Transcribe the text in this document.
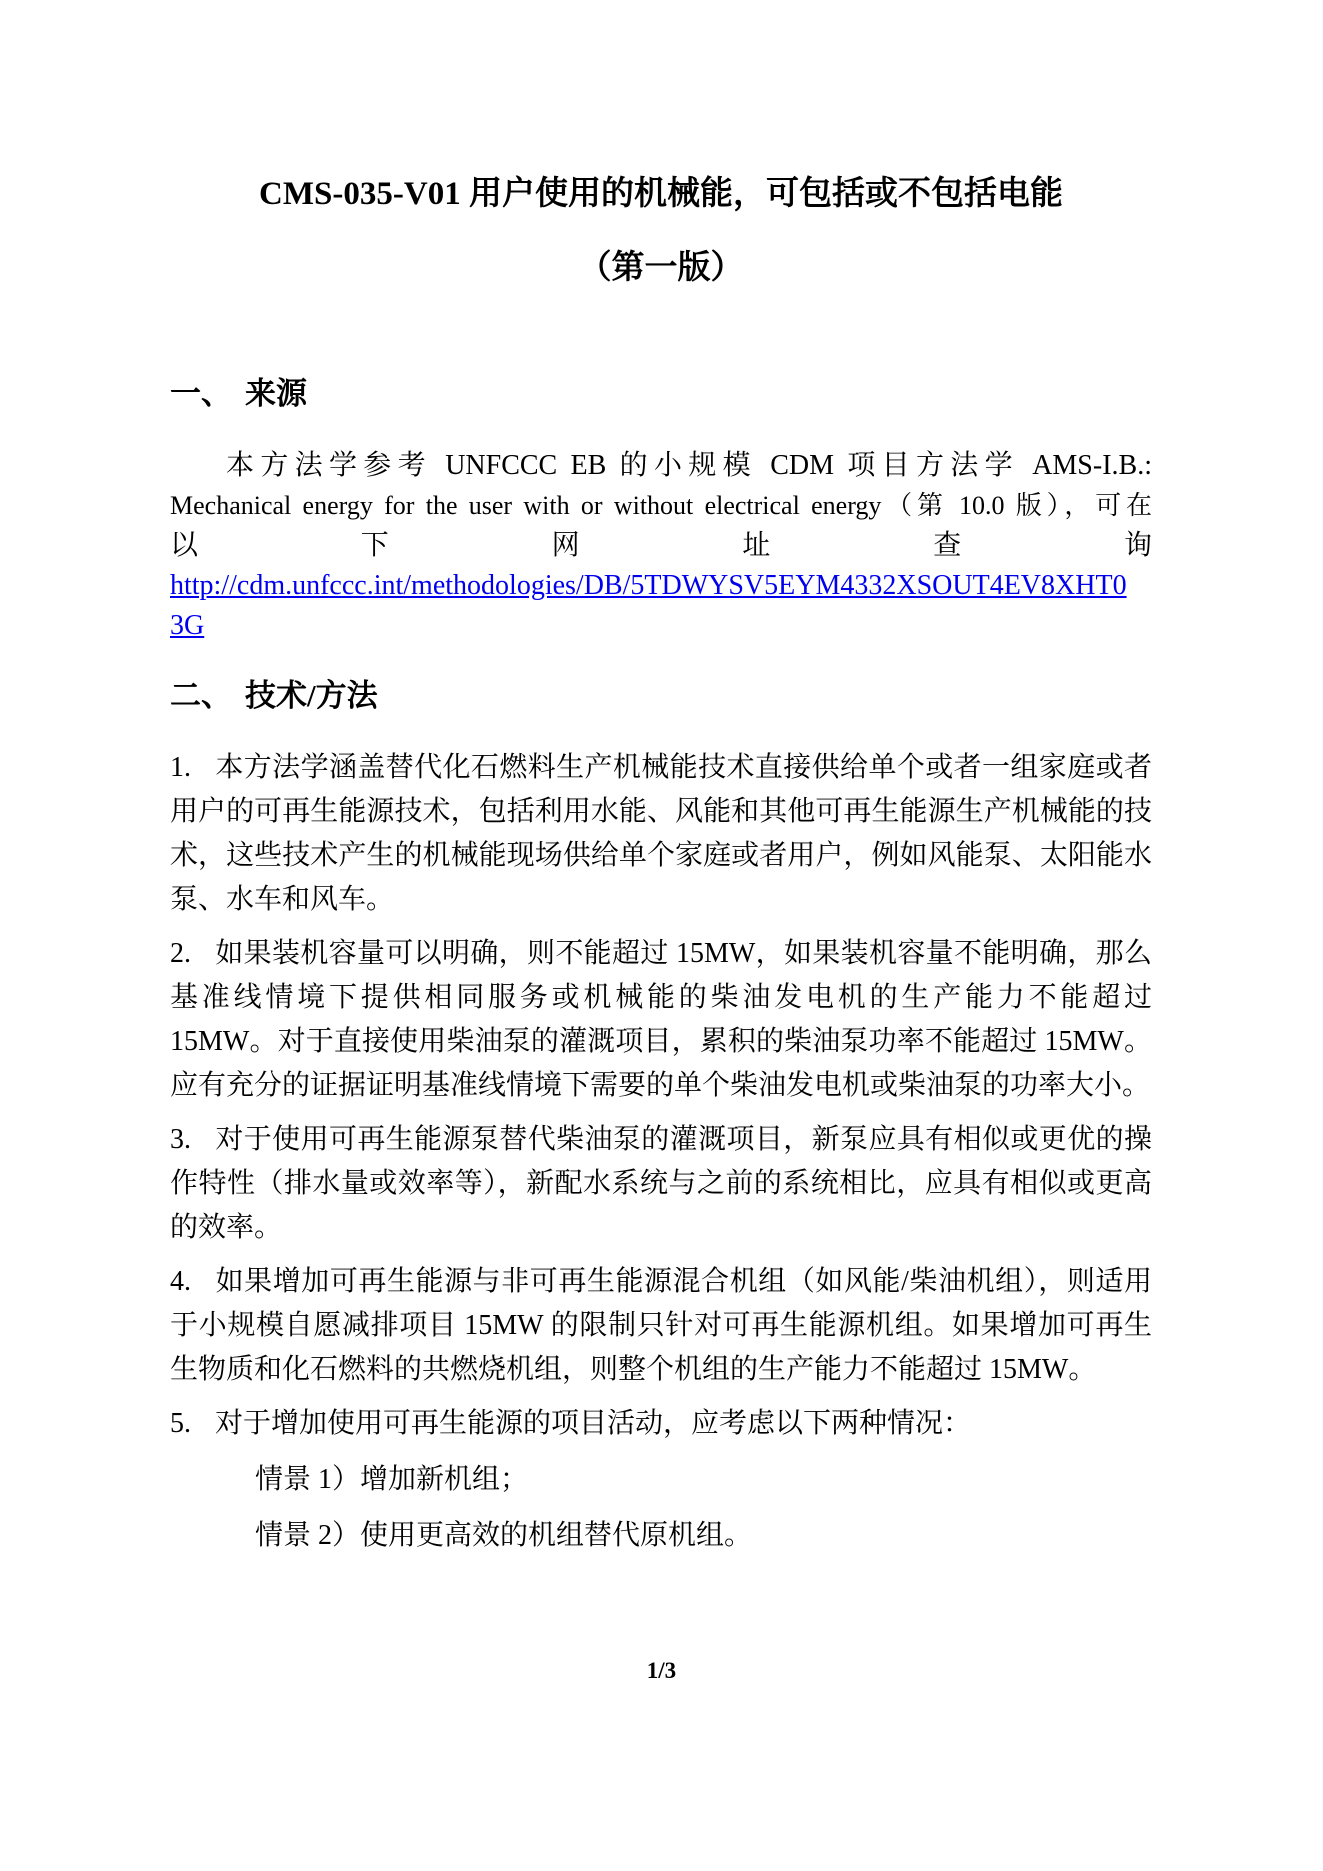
CMS-035-V01 用户使用的机械能，可包括或不包括电能
（第一版）
一、 来源
本方法学参考 UNFCCC EB 的小规模 CDM 项目方法学 AMS-I.B.:
Mechanical energy for the user with or without electrical energy（第 10.0 版），可在
以下网址查询
http://cdm.unfccc.int/methodologies/DB/5TDWYSV5EYM4332XSOUT4EV8XHT0
3G
二、 技术/方法
1. 本方法学涵盖替代化石燃料生产机械能技术直接供给单个或者一组家庭或者用户的可再生能源技术，包括利用水能、风能和其他可再生能源生产机械能的技术，这些技术产生的机械能现场供给单个家庭或者用户，例如风能泵、太阳能水泵、水车和风车。
2. 如果装机容量可以明确，则不能超过 15MW，如果装机容量不能明确，那么基准线情境下提供相同服务或机械能的柴油发电机的生产能力不能超过 15MW。对于直接使用柴油泵的灌溉项目，累积的柴油泵功率不能超过 15MW。应有充分的证据证明基准线情境下需要的单个柴油发电机或柴油泵的功率大小。
3. 对于使用可再生能源泵替代柴油泵的灌溉项目，新泵应具有相似或更优的操作特性（排水量或效率等），新配水系统与之前的系统相比，应具有相似或更高的效率。
4. 如果增加可再生能源与非可再生能源混合机组（如风能/柴油机组），则适用于小规模自愿减排项目 15MW 的限制只针对可再生能源机组。如果增加可再生生物质和化石燃料的共燃烧机组，则整个机组的生产能力不能超过 15MW。
5. 对于增加使用可再生能源的项目活动，应考虑以下两种情况：
情景 1）增加新机组；
情景 2）使用更高效的机组替代原机组。
1/3
